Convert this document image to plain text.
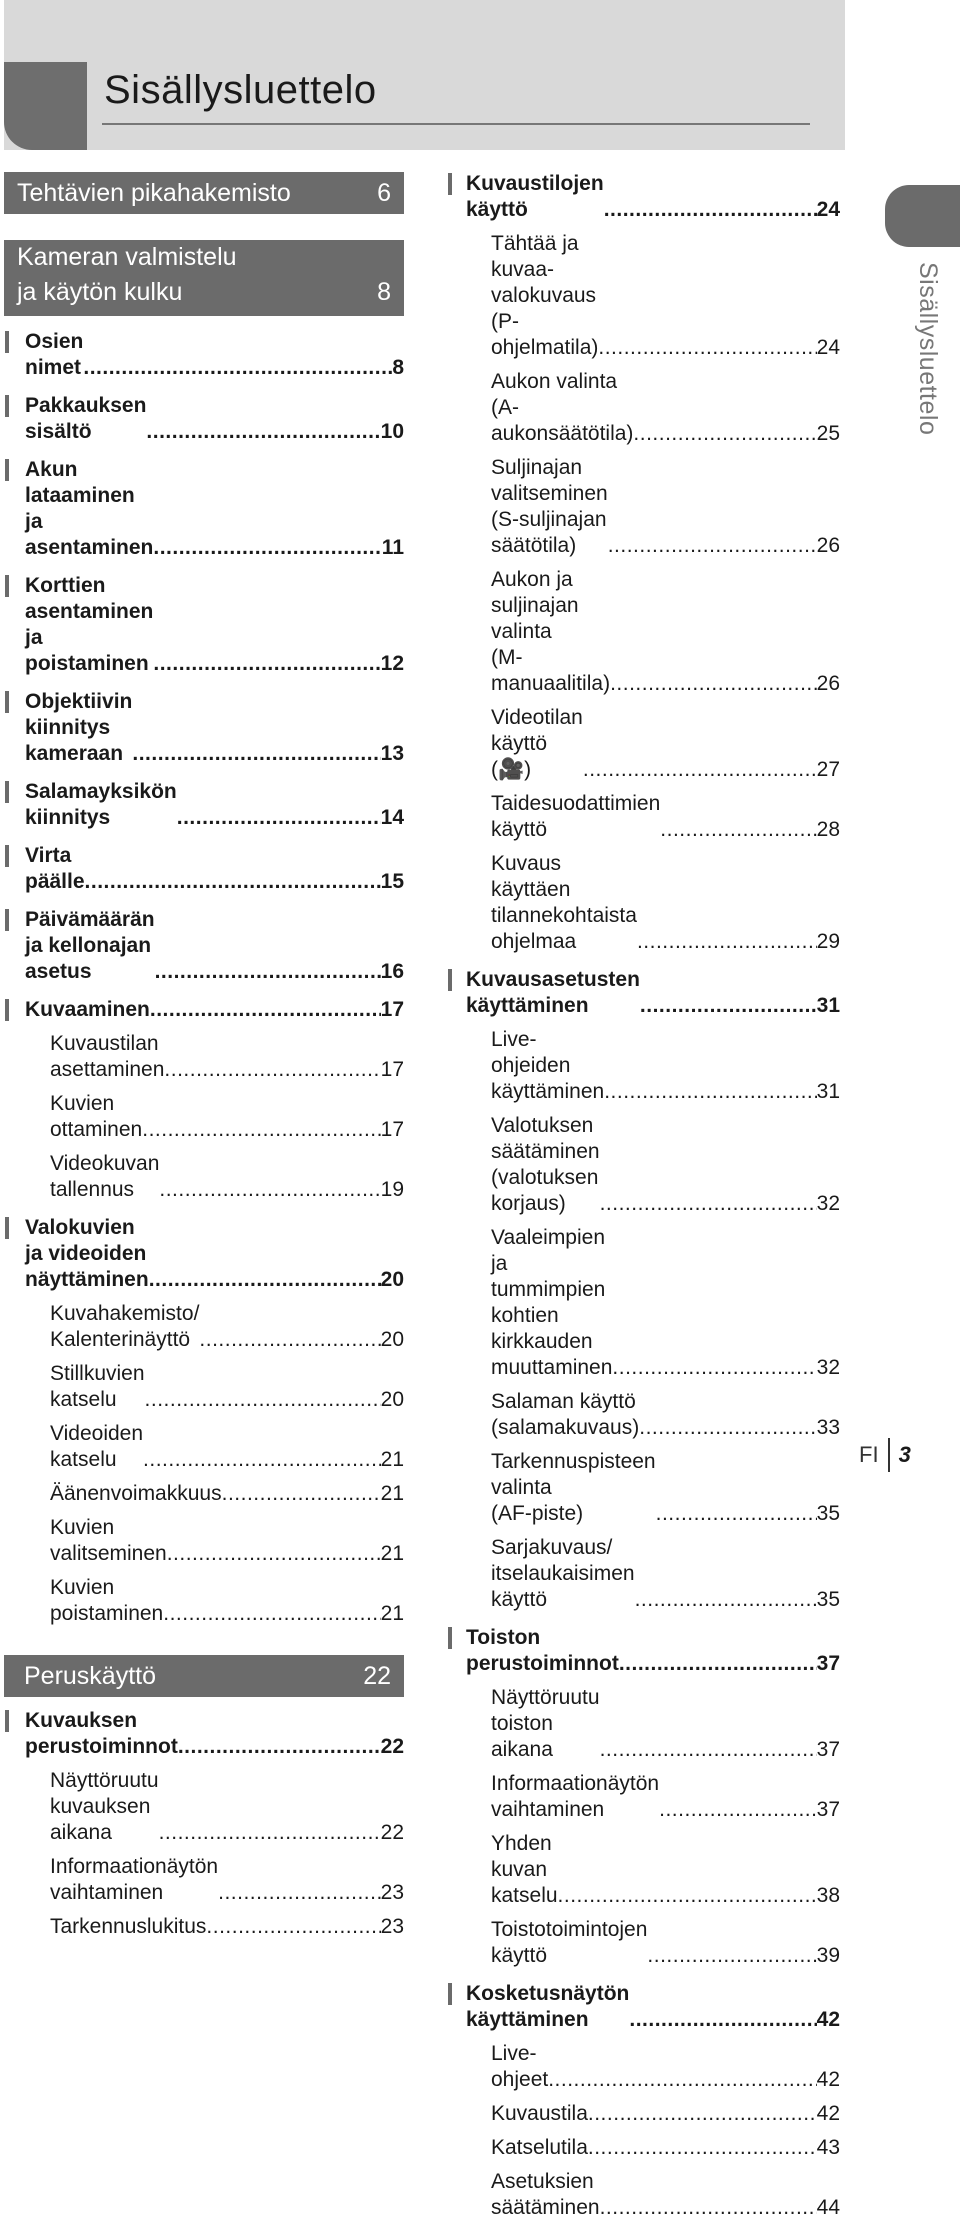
Sisällysluettelo
Tehtävien pikahakemisto	6
Kameran valmistelu
ja käytön kulku	8
Osien nimet .....	8
Pakkauksen sisältö .....	10
Akun lataaminen
ja asentaminen .....	11
Korttien asentaminen
ja poistaminen .....	12
Objektiivin kiinnitys kameraan .....	13
Salamayksikön kiinnitys .....	14
Virta päälle .....	15
Päivämäärän ja kellonajan
asetus .....	16
Kuvaaminen .....	17
Kuvaustilan asettaminen .....	17
Kuvien ottaminen .....	17
Videokuvan tallennus .....	19
Valokuvien ja videoiden
näyttäminen .....	20
Kuvahakemisto/
Kalenterinäyttö .....	20
Stillkuvien katselu .....	20
Videoiden katselu .....	21
Äänenvoimakkuus .....	21
Kuvien valitseminen .....	21
Kuvien poistaminen .....	21
Peruskäyttö	22
Kuvauksen perustoiminnot .....	22
Näyttöruutu kuvauksen aikana .....	22
Informaationäytön
vaihtaminen .....	23
Tarkennuslukitus .....	23
Kuvaustilojen käyttö .....	24
Tähtää ja kuvaa-valokuvaus
(P-ohjelmatila) .....	24
Aukon valinta
(A-aukonsäätötila) .....	25
Suljinajan valitseminen
(S-suljinajan säätötila) .....	26
Aukon ja suljinajan valinta
(M-manuaalitila) .....	26
Videotilan käyttö (🎥) .....	27
Taidesuodattimien käyttö .....	28
Kuvaus käyttäen
tilannekohtaista ohjelmaa .....	29
Kuvausasetusten käyttäminen .....	31
Live-ohjeiden käyttäminen .....	31
Valotuksen säätäminen
(valotuksen korjaus) .....	32
Vaaleimpien ja tummimpien
kohtien kirkkauden
muuttaminen .....	32
Salaman käyttö
(salamakuvaus) .....	33
Tarkennuspisteen valinta
(AF-piste) .....	35
Sarjakuvaus/
itselaukaisimen käyttö .....	35
Toiston perustoiminnot .....	37
Näyttöruutu toiston aikana .....	37
Informaationäytön
vaihtaminen .....	37
Yhden kuvan katselu .....	38
Toistotoimintojen käyttö .....	39
Kosketusnäytön käyttäminen .....	42
Live-ohjeet .....	42
Kuvaustila .....	42
Katselutila .....	43
Asetuksien säätäminen .....	44
Sisällysluettelo
FI 3
